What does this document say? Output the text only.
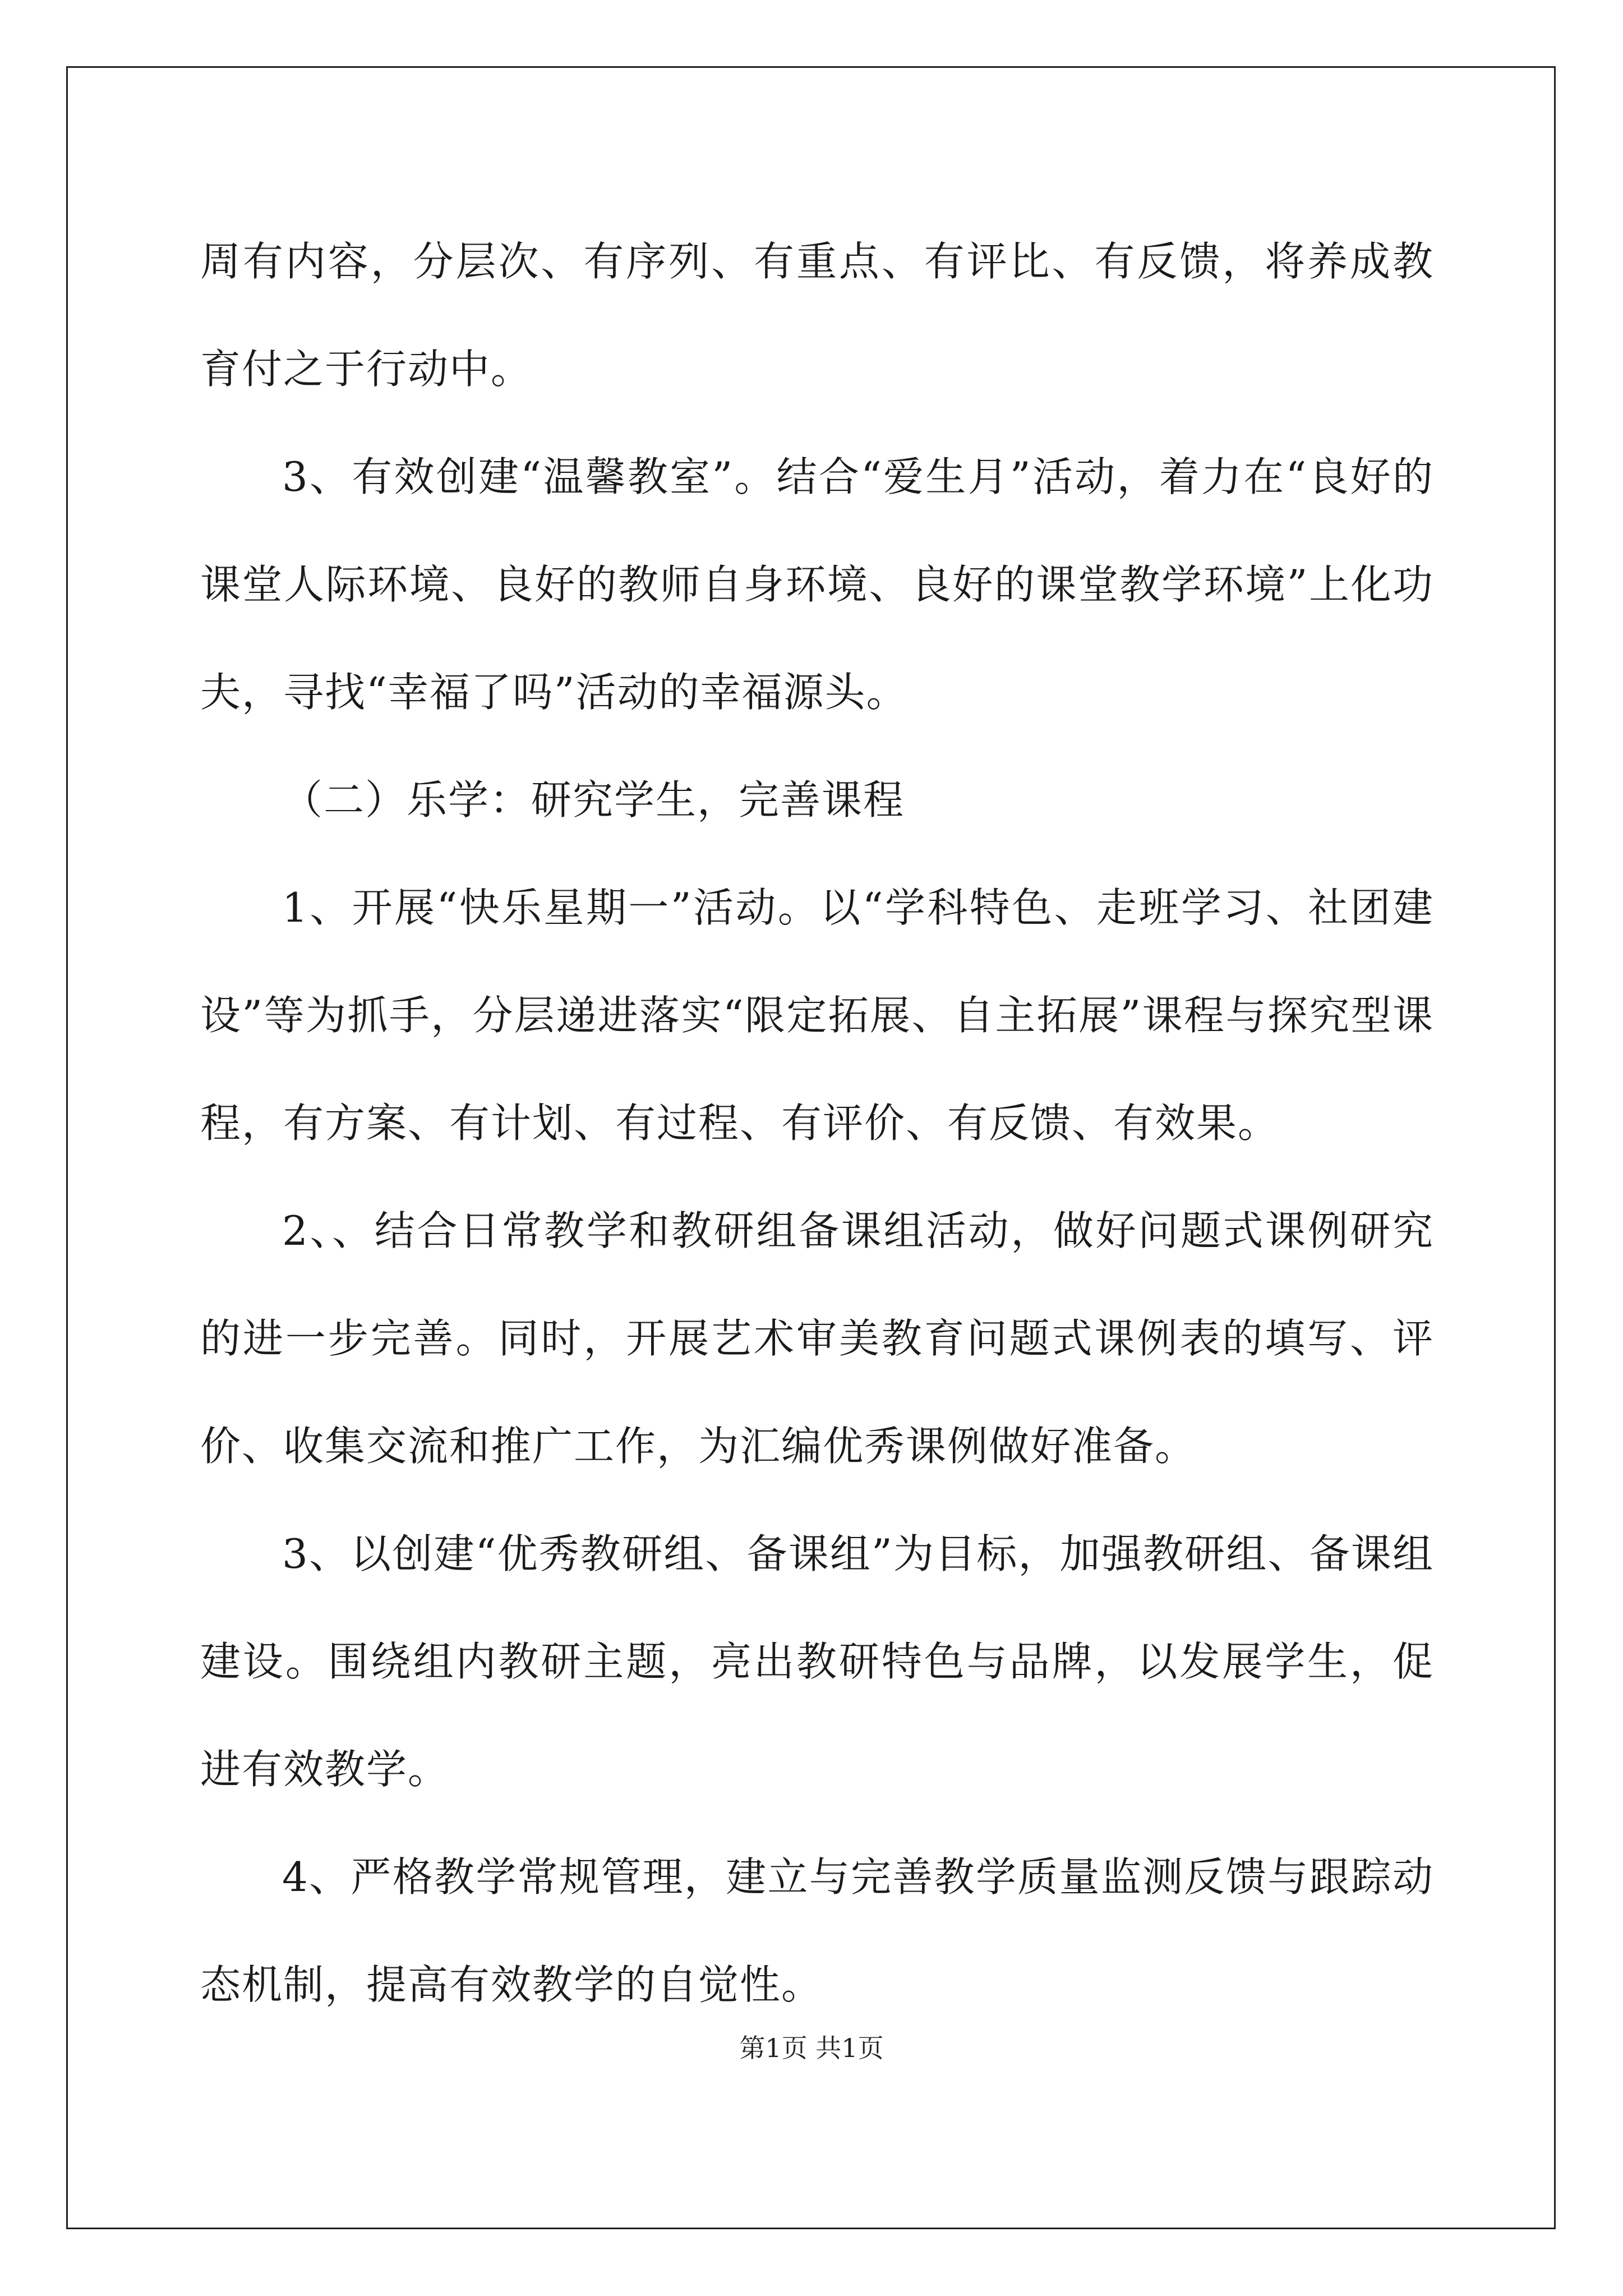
周有内容，分层次、有序列、有重点、有评比、有反馈，将养成教育付之于行动中。

3、有效创建“温馨教室”。结合“爱生月”活动，着力在“良好的课堂人际环境、良好的教师自身环境、良好的课堂教学环境”上化功夫，寻找“幸福了吗”活动的幸福源头。

（二）乐学：研究学生，完善课程

1、开展“快乐星期一”活动。以“学科特色、走班学习、社团建设”等为抓手，分层递进落实“限定拓展、自主拓展”课程与探究型课程，有方案、有计划、有过程、有评价、有反馈、有效果。

2、、结合日常教学和教研组备课组活动，做好问题式课例研究的进一步完善。同时，开展艺术审美教育问题式课例表的填写、评价、收集交流和推广工作，为汇编优秀课例做好准备。

3、以创建“优秀教研组、备课组”为目标，加强教研组、备课组建设。围绕组内教研主题，亮出教研特色与品牌，以发展学生，促进有效教学。

4、严格教学常规管理，建立与完善教学质量监测反馈与跟踪动态机制，提高有效教学的自觉性。

第1页 共1页
